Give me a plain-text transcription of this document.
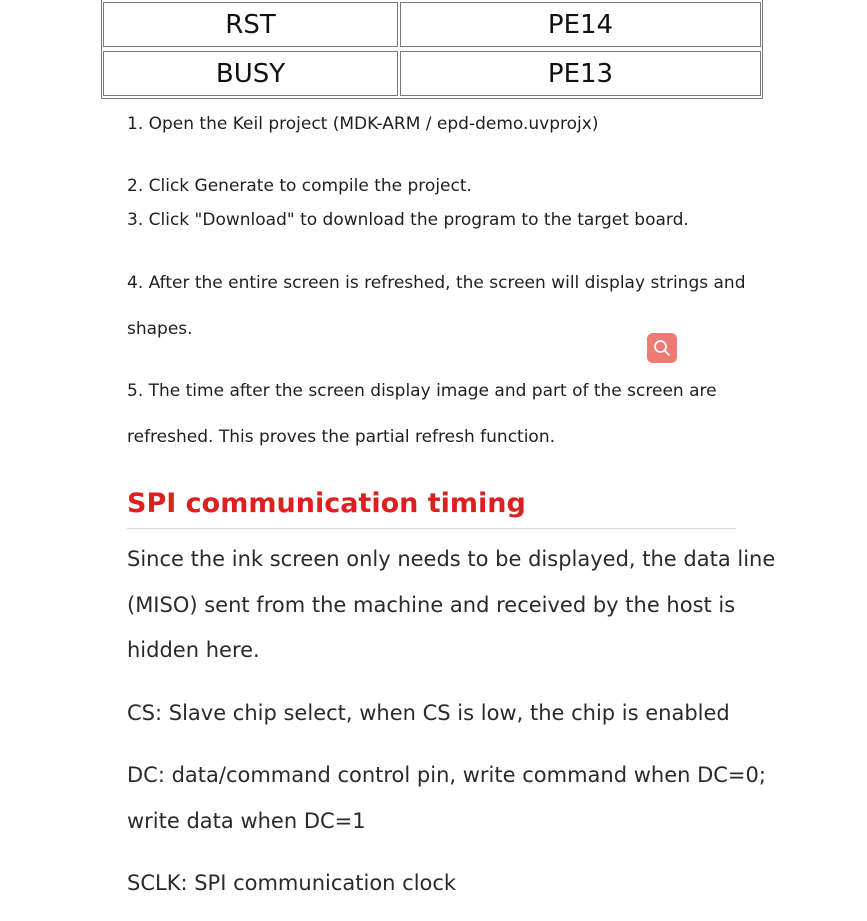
RST	PE14
BUSY	PE13
1. Open the Keil project (MDK-ARM / epd-demo.uvprojx)
2. Click Generate to compile the project.
3. Click "Download" to download the program to the target board.
4. After the entire screen is refreshed, the screen will display strings and
shapes.
5. The time after the screen display image and part of the screen are
refreshed. This proves the partial refresh function.
SPI communication timing
Since the ink screen only needs to be displayed, the data line
(MISO) sent from the machine and received by the host is
hidden here.
CS: Slave chip select, when CS is low, the chip is enabled
DC: data/command control pin, write command when DC=0;
write data when DC=1
SCLK: SPI communication clock
